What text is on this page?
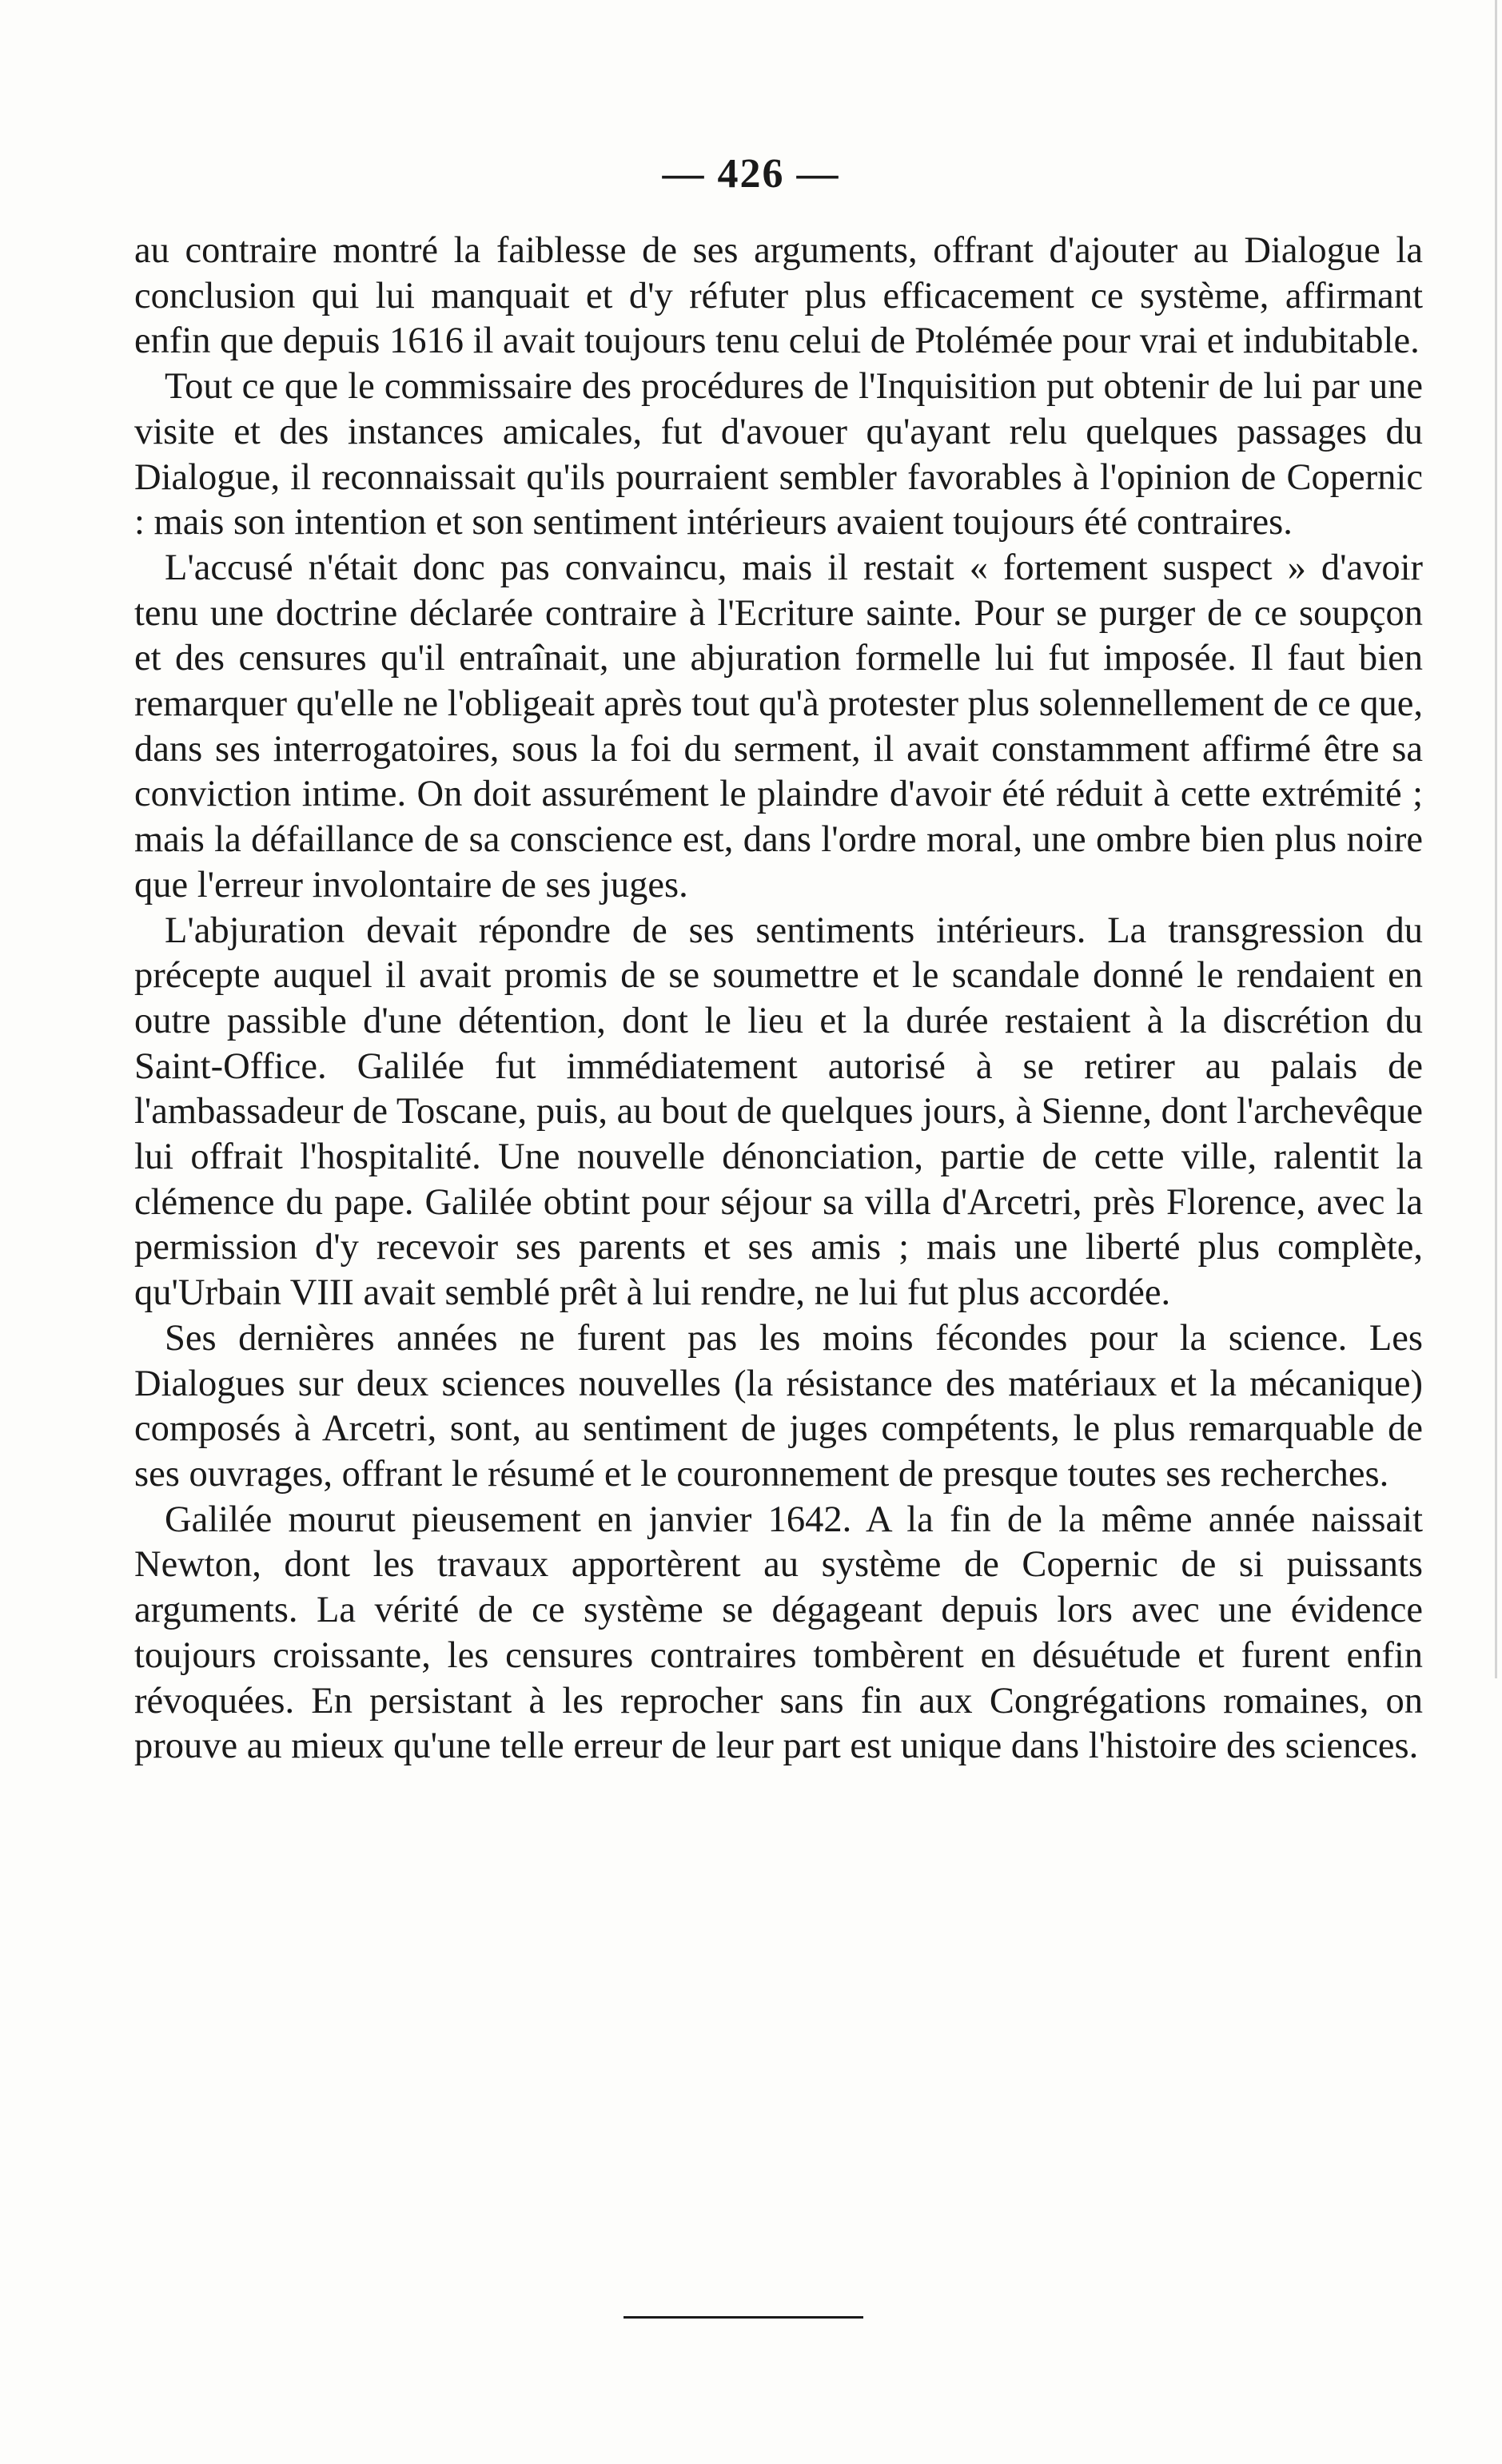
— 426 —

au contraire montré la faiblesse de ses arguments, offrant d'ajouter au Dialogue la conclusion qui lui manquait et d'y réfuter plus efficacement ce système, affirmant enfin que depuis 1616 il avait toujours tenu celui de Ptolémée pour vrai et indubitable.

Tout ce que le commissaire des procédures de l'Inquisition put obtenir de lui par une visite et des instances amicales, fut d'avouer qu'ayant relu quelques passages du Dialogue, il reconnaissait qu'ils pourraient sembler favorables à l'opinion de Copernic : mais son intention et son sentiment intérieurs avaient toujours été contraires.

L'accusé n'était donc pas convaincu, mais il restait « fortement suspect » d'avoir tenu une doctrine déclarée contraire à l'Ecriture sainte. Pour se purger de ce soupçon et des censures qu'il entraînait, une abjuration formelle lui fut imposée. Il faut bien remarquer qu'elle ne l'obligeait après tout qu'à protester plus solennellement de ce que, dans ses interrogatoires, sous la foi du serment, il avait constamment affirmé être sa conviction intime. On doit assurément le plaindre d'avoir été réduit à cette extrémité ; mais la défaillance de sa conscience est, dans l'ordre moral, une ombre bien plus noire que l'erreur involontaire de ses juges.

L'abjuration devait répondre de ses sentiments intérieurs. La transgression du précepte auquel il avait promis de se soumettre et le scandale donné le rendaient en outre passible d'une détention, dont le lieu et la durée restaient à la discrétion du Saint-Office. Galilée fut immédiatement autorisé à se retirer au palais de l'ambassadeur de Toscane, puis, au bout de quelques jours, à Sienne, dont l'archevêque lui offrait l'hospitalité. Une nouvelle dénonciation, partie de cette ville, ralentit la clémence du pape. Galilée obtint pour séjour sa villa d'Arcetri, près Florence, avec la permission d'y recevoir ses parents et ses amis ; mais une liberté plus complète, qu'Urbain VIII avait semblé prêt à lui rendre, ne lui fut plus accordée.

Ses dernières années ne furent pas les moins fécondes pour la science. Les Dialogues sur deux sciences nouvelles (la résistance des matériaux et la mécanique) composés à Arcetri, sont, au sentiment de juges compétents, le plus remarquable de ses ouvrages, offrant le résumé et le couronnement de presque toutes ses recherches.

Galilée mourut pieusement en janvier 1642. A la fin de la même année naissait Newton, dont les travaux apportèrent au système de Copernic de si puissants arguments. La vérité de ce système se dégageant depuis lors avec une évidence toujours croissante, les censures contraires tombèrent en désuétude et furent enfin révoquées. En persistant à les reprocher sans fin aux Congrégations romaines, on prouve au mieux qu'une telle erreur de leur part est unique dans l'histoire des sciences.
